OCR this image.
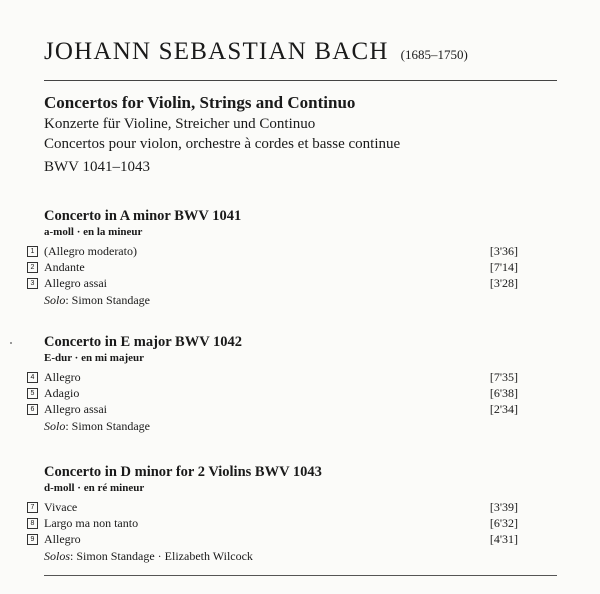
JOHANN SEBASTIAN BACH (1685–1750)
Concertos for Violin, Strings and Continuo
Konzerte für Violine, Streicher und Continuo
Concertos pour violon, orchestre à cordes et basse continue
BWV 1041–1043
Concerto in A minor BWV 1041
a-moll · en la mineur
1 (Allegro moderato)	[3'36]
2 Andante	[7'14]
3 Allegro assai	[3'28]
Solo: Simon Standage
Concerto in E major BWV 1042
E-dur · en mi majeur
4 Allegro	[7'35]
5 Adagio	[6'38]
6 Allegro assai	[2'34]
Solo: Simon Standage
Concerto in D minor for 2 Violins BWV 1043
d-moll · en ré mineur
7 Vivace	[3'39]
8 Largo ma non tanto	[6'32]
9 Allegro	[4'31]
Solos: Simon Standage · Elizabeth Wilcock
